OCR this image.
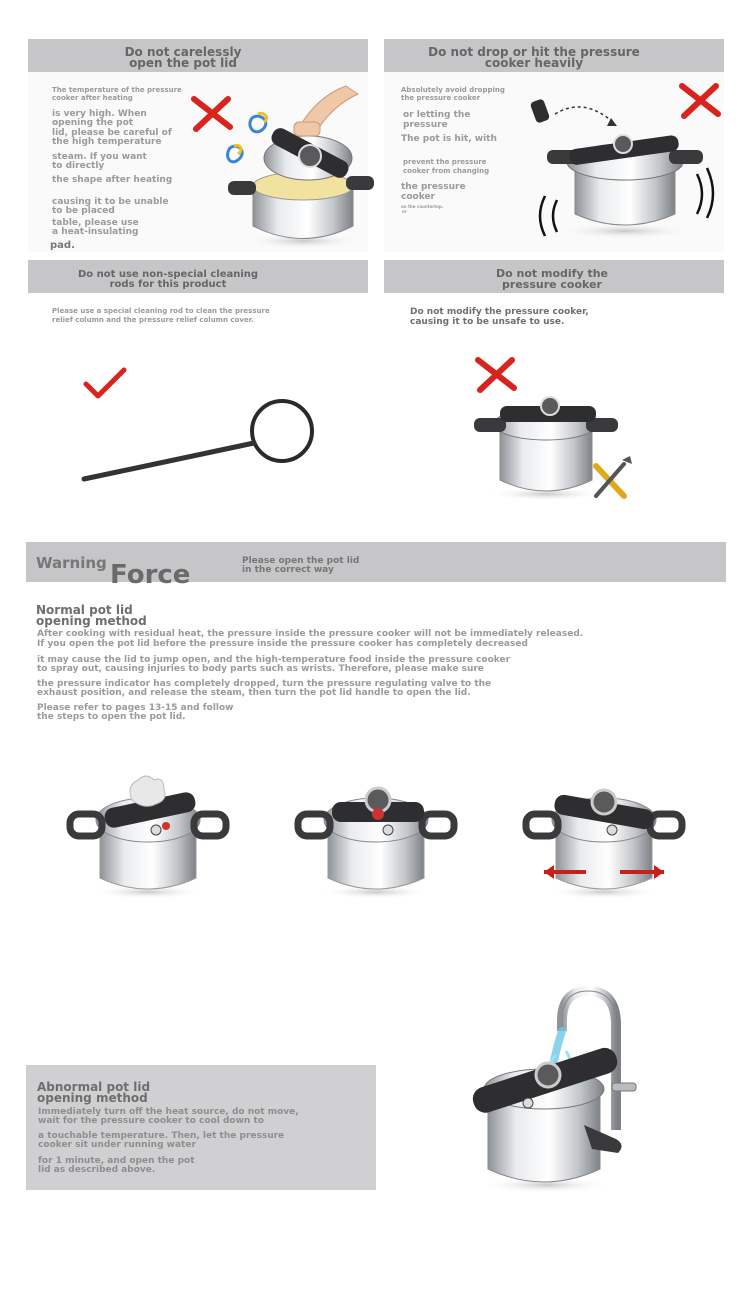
Do not carelessly
open the pot lid
The temperature of the pressure
cooker after heating
is very high. When
opening the pot
lid, please be careful of
the high temperature
steam. If you want
to directly
the shape after heating
causing it to be unable
to be placed
table, please use
a heat-insulating
pad.
Do not drop or hit the pressure
cooker heavily
Absolutely avoid dropping
the pressure cooker
or letting the
pressure
The pot is hit, with
prevent the pressure
cooker from changing
the pressure
cooker
on the countertop,
or
Do not use non-special cleaning
rods for this product
Please use a special cleaning rod to clean the pressure
relief column and the pressure relief column cover.
Do not modify the
pressure cooker
Do not modify the pressure cooker,
causing it to be unsafe to use.
Warning Force	Please open the pot lid
in the correct way
Normal pot lid
opening method
After cooking with residual heat, the pressure inside the pressure cooker will not be immediately released.
If you open the pot lid before the pressure inside the pressure cooker has completely decreased
it may cause the lid to jump open, and the high-temperature food inside the pressure cooker
to spray out, causing injuries to body parts such as wrists. Therefore, please make sure
the pressure indicator has completely dropped, turn the pressure regulating valve to the
exhaust position, and release the steam, then turn the pot lid handle to open the lid.
Please refer to pages 13-15 and follow
the steps to open the pot lid.
Abnormal pot lid
opening method
Immediately turn off the heat source, do not move,
wait for the pressure cooker to cool down to
a touchable temperature. Then, let the pressure
cooker sit under running water
for 1 minute, and open the pot
lid as described above.
